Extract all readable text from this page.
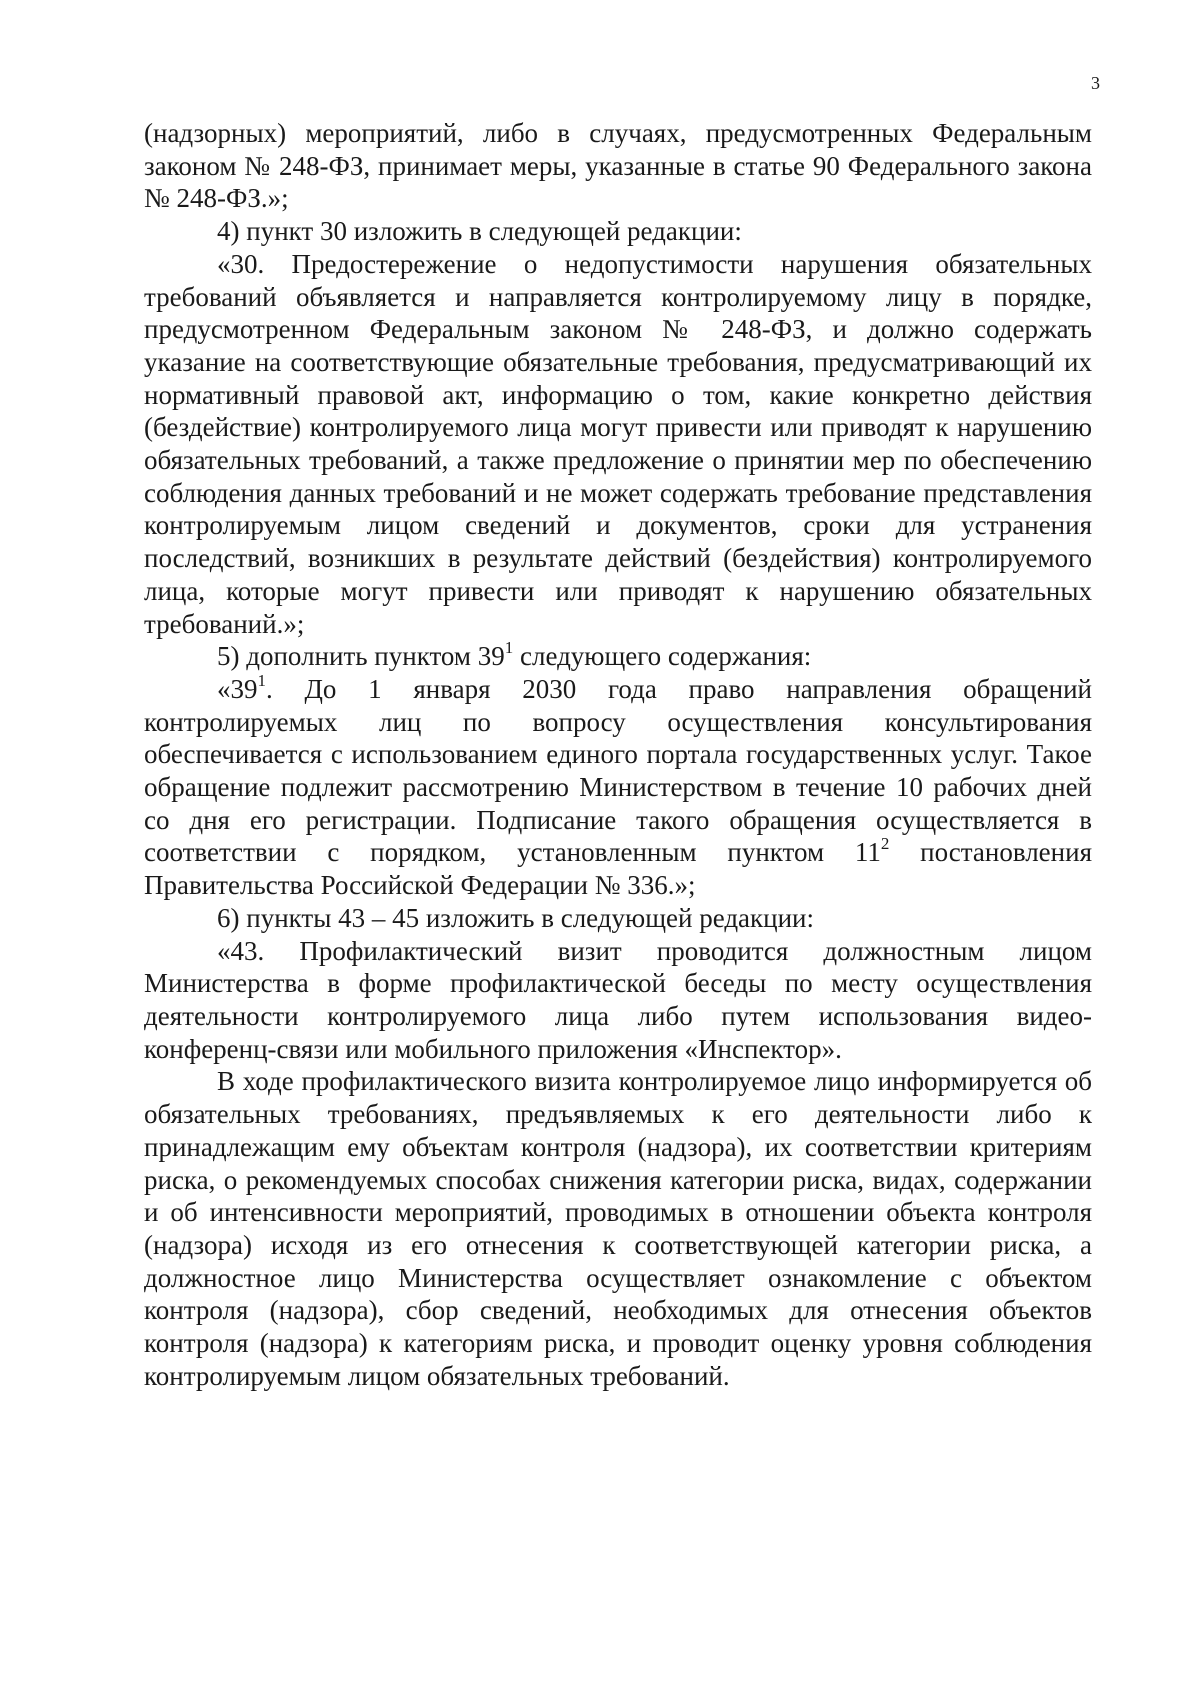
3

(надзорных) мероприятий, либо в случаях, предусмотренных Федеральным законом № 248-ФЗ, принимает меры, указанные в статье 90 Федерального закона № 248-ФЗ.»;

4) пункт 30 изложить в следующей редакции:

«30. Предостережение о недопустимости нарушения обязательных требований объявляется и направляется контролируемому лицу в порядке, предусмотренном Федеральным законом № 248-ФЗ, и должно содержать указание на соответствующие обязательные требования, предусматривающий их нормативный правовой акт, информацию о том, какие конкретно действия (бездействие) контролируемого лица могут привести или приводят к нарушению обязательных требований, а также предложение о принятии мер по обеспечению соблюдения данных требований и не может содержать требование представления контролируемым лицом сведений и документов, сроки для устранения последствий, возникших в результате действий (бездействия) контролируемого лица, которые могут привести или приводят к нарушению обязательных требований.»;

5) дополнить пунктом $39^1$ следующего содержания:

«$39^1$. До 1 января 2030 года право направления обращений контролируемых лиц по вопросу осуществления консультирования обеспечивается с использованием единого портала государственных услуг. Такое обращение подлежит рассмотрению Министерством в течение 10 рабочих дней со дня его регистрации. Подписание такого обращения осуществляется в соответствии с порядком, установленным пунктом $11^2$ постановления Правительства Российской Федерации № 336.»;

6) пункты 43 – 45 изложить в следующей редакции:

«43. Профилактический визит проводится должностным лицом Министерства в форме профилактической беседы по месту осуществления деятельности контролируемого лица либо путем использования видео-конференц-связи или мобильного приложения «Инспектор».

В ходе профилактического визита контролируемое лицо информируется об обязательных требованиях, предъявляемых к его деятельности либо к принадлежащим ему объектам контроля (надзора), их соответствии критериям риска, о рекомендуемых способах снижения категории риска, видах, содержании и об интенсивности мероприятий, проводимых в отношении объекта контроля (надзора) исходя из его отнесения к соответствующей категории риска, а должностное лицо Министерства осуществляет ознакомление с объектом контроля (надзора), сбор сведений, необходимых для отнесения объектов контроля (надзора) к категориям риска, и проводит оценку уровня соблюдения контролируемым лицом обязательных требований.
